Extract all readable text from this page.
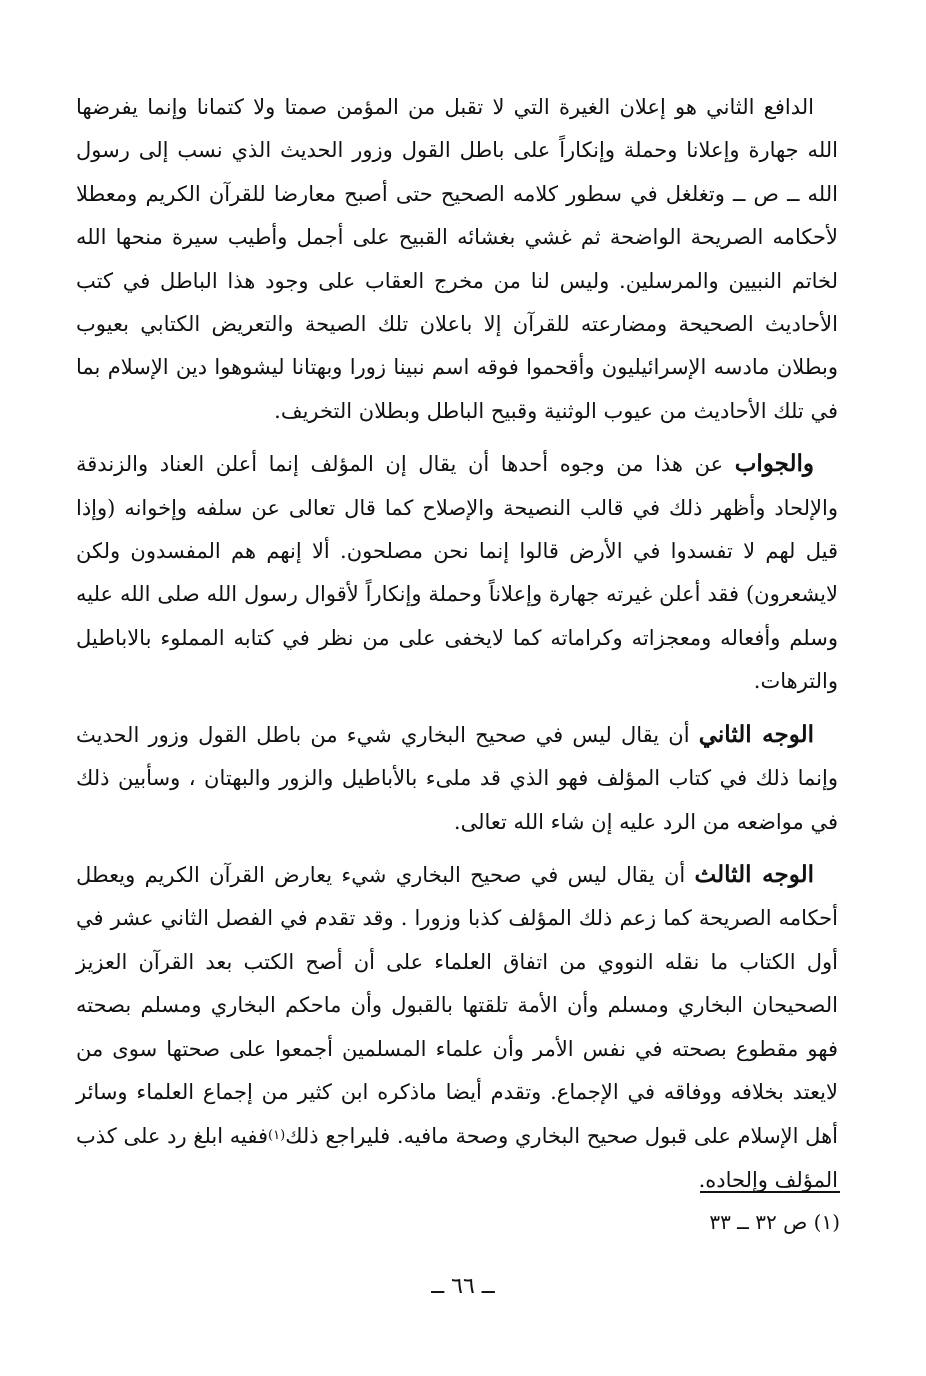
الدافع الثاني هو إعلان الغيرة التي لا تقبل من المؤمن صمتا ولا كتمانا وإنما يفرضها الله جهارة وإعلانا وحملة وإنكاراً على باطل القول وزور الحديث الذي نسب إلى رسول الله ــ ص ــ وتغلغل في سطور كلامه الصحيح حتى أصبح معارضا للقرآن الكريم ومعطلا لأحكامه الصريحة الواضحة ثم غشي بغشائه القبيح على أجمل وأطيب سيرة منحها الله لخاتم النبيين والمرسلين. وليس لنا من مخرج العقاب على وجود هذا الباطل في كتب الأحاديث الصحيحة ومضارعته للقرآن إلا باعلان تلك الصيحة والتعريض الكتابي بعيوب وبطلان مادسه الإسرائيليون وأقحموا فوقه اسم نبينا زورا وبهتانا ليشوهوا دين الإسلام بما في تلك الأحاديث من عيوب الوثنية وقبيح الباطل وبطلان التخريف.

والجواب عن هذا من وجوه أحدها أن يقال إن المؤلف إنما أعلن العناد والزندقة والإلحاد وأظهر ذلك في قالب النصيحة والإصلاح كما قال تعالى عن سلفه وإخوانه (وإذا قيل لهم لا تفسدوا في الأرض قالوا إنما نحن مصلحون. ألا إنهم هم المفسدون ولكن لايشعرون) فقد أعلن غيرته جهارة وإعلاناً وحملة وإنكاراً لأقوال رسول الله صلى الله عليه وسلم وأفعاله ومعجزاته وكراماته كما لايخفى على من نظر في كتابه المملوء بالاباطيل والترهات.

الوجه الثاني أن يقال ليس في صحيح البخاري شيء من باطل القول وزور الحديث وإنما ذلك في كتاب المؤلف فهو الذي قد ملىء بالأباطيل والزور والبهتان ، وسأبين ذلك في مواضعه من الرد عليه إن شاء الله تعالى.

الوجه الثالث أن يقال ليس في صحيح البخاري شيء يعارض القرآن الكريم ويعطل أحكامه الصريحة كما زعم ذلك المؤلف كذبا وزورا . وقد تقدم في الفصل الثاني عشر في أول الكتاب ما نقله النووي من اتفاق العلماء على أن أصح الكتب بعد القرآن العزيز الصحيحان البخاري ومسلم وأن الأمة تلقتها بالقبول وأن ماحكم البخاري ومسلم بصحته فهو مقطوع بصحته في نفس الأمر وأن علماء المسلمين أجمعوا على صحتها سوى من لايعتد بخلافه ووفاقه في الإجماع. وتقدم أيضا ماذكره ابن كثير من إجماع العلماء وسائر أهل الإسلام على قبول صحيح البخاري وصحة مافيه. فليراجع ذلك(١)ففيه ابلغ رد على كذب المؤلف وإلحاده.

(١) ص ٣٢ ــ ٣٣
ــ ٦٦ ــ
